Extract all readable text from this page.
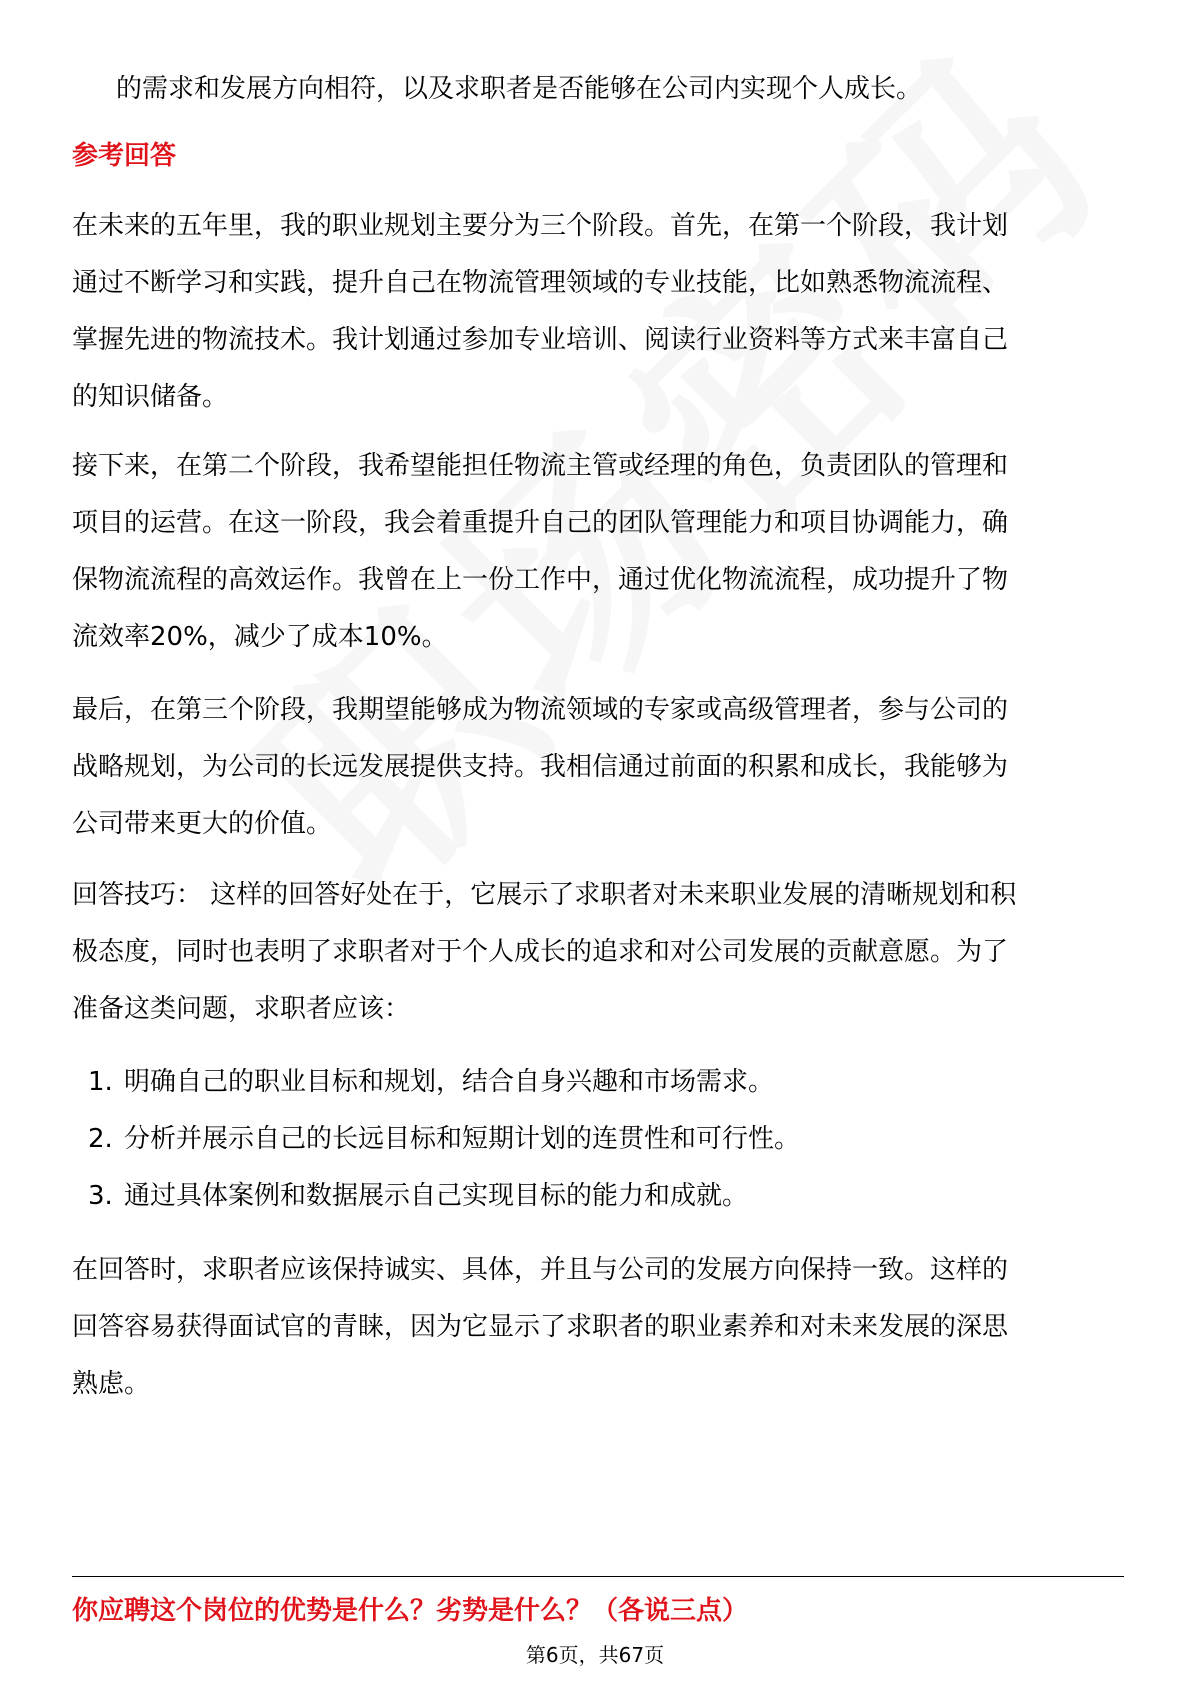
的需求和发展方向相符，以及求职者是否能够在公司内实现个人成长。
参考回答
在未来的五年里，我的职业规划主要分为三个阶段。首先，在第一个阶段，我计划
通过不断学习和实践，提升自己在物流管理领域的专业技能，比如熟悉物流流程、
掌握先进的物流技术。我计划通过参加专业培训、阅读行业资料等方式来丰富自己
的知识储备。
接下来，在第二个阶段，我希望能担任物流主管或经理的角色，负责团队的管理和
项目的运营。在这一阶段，我会着重提升自己的团队管理能力和项目协调能力，确
保物流流程的高效运作。我曾在上一份工作中，通过优化物流流程，成功提升了物
流效率20%，减少了成本10%。
最后，在第三个阶段，我期望能够成为物流领域的专家或高级管理者，参与公司的
战略规划，为公司的长远发展提供支持。我相信通过前面的积累和成长，我能够为
公司带来更大的价值。
回答技巧： 这样的回答好处在于，它展示了求职者对未来职业发展的清晰规划和积
极态度，同时也表明了求职者对于个人成长的追求和对公司发展的贡献意愿。为了
准备这类问题，求职者应该：
1. 明确自己的职业目标和规划，结合自身兴趣和市场需求。
2. 分析并展示自己的长远目标和短期计划的连贯性和可行性。
3. 通过具体案例和数据展示自己实现目标的能力和成就。
在回答时，求职者应该保持诚实、具体，并且与公司的发展方向保持一致。这样的
回答容易获得面试官的青睐，因为它显示了求职者的职业素养和对未来发展的深思
熟虑。
你应聘这个岗位的优势是什么？劣势是什么？（各说三点）
第6页，共67页
